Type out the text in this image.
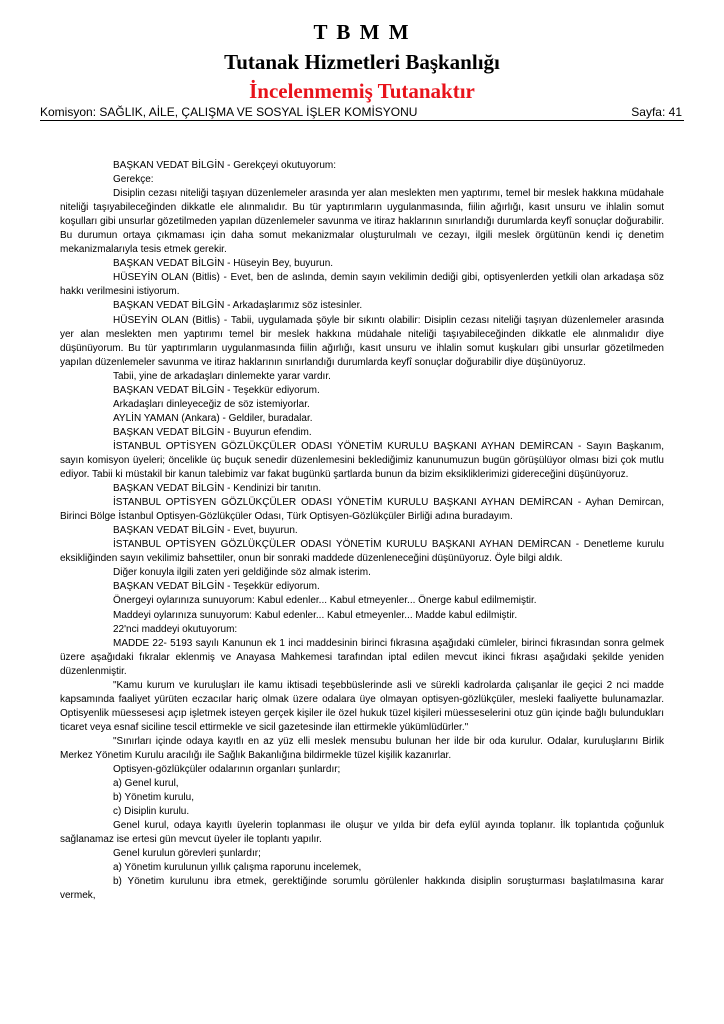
T B M M
Tutanak Hizmetleri Başkanlığı
İncelenmemiş Tutanaktır
Komisyon: SAĞLIK, AİLE, ÇALIŞMA VE SOSYAL İŞLER KOMİSYONU	Sayfa: 41

BAŞKAN VEDAT BİLGİN - Gerekçeyi okutuyorum:

Gerekçe:

Disiplin cezası niteliği taşıyan düzenlemeler arasında yer alan meslekten men yaptırımı, temel bir meslek hakkına müdahale niteliği taşıyabileceğinden dikkatle ele alınmalıdır. Bu tür yaptırımların uygulanmasında, fiilin ağırlığı, kasıt unsuru ve ihlalin somut koşulları gibi unsurlar gözetilmeden yapılan düzenlemeler savunma ve itiraz haklarının sınırlandığı durumlarda keyfî sonuçlar doğurabilir. Bu durumun ortaya çıkmaması için daha somut mekanizmalar oluşturulmalı ve cezayı, ilgili meslek örgütünün kendi iç denetim mekanizmalarıyla tesis etmek gerekir.

BAŞKAN VEDAT BİLGİN - Hüseyin Bey, buyurun.

HÜSEYİN OLAN (Bitlis) - Evet, ben de aslında, demin sayın vekilimin dediği gibi, optisyenlerden yetkili olan arkadaşa söz hakkı verilmesini istiyorum.

BAŞKAN VEDAT BİLGİN - Arkadaşlarımız söz istesinler.

HÜSEYİN OLAN (Bitlis) - Tabii, uygulamada şöyle bir sıkıntı olabilir: Disiplin cezası niteliği taşıyan düzenlemeler arasında yer alan meslekten men yaptırımı temel bir meslek hakkına müdahale niteliği taşıyabileceğinden dikkatle ele alınmalıdır diye düşünüyorum. Bu tür yaptırımların uygulanmasında fiilin ağırlığı, kasıt unsuru ve ihlalin somut kuşkuları gibi unsurlar gözetilmeden yapılan düzenlemeler savunma ve itiraz haklarının sınırlandığı durumlarda keyfî sonuçlar doğurabilir diye düşünüyoruz.

Tabii, yine de arkadaşları dinlemekte yarar vardır.

BAŞKAN VEDAT BİLGİN - Teşekkür ediyorum.

Arkadaşları dinleyeceğiz de söz istemiyorlar.

AYLİN YAMAN (Ankara) - Geldiler, buradalar.

BAŞKAN VEDAT BİLGİN - Buyurun efendim.

İSTANBUL OPTİSYEN GÖZLÜKÇÜLER ODASI YÖNETİM KURULU BAŞKANI AYHAN DEMİRCAN - Sayın Başkanım, sayın komisyon üyeleri; öncelikle üç buçuk senedir düzenlemesini beklediğimiz kanunumuzun bugün görüşülüyor olması bizi çok mutlu ediyor. Tabii ki müstakil bir kanun talebimiz var fakat bugünkü şartlarda bunun da bizim eksikliklerimizi gidereceğini düşünüyoruz.

BAŞKAN VEDAT BİLGİN - Kendinizi bir tanıtın.

İSTANBUL OPTİSYEN GÖZLÜKÇÜLER ODASI YÖNETİM KURULU BAŞKANI AYHAN DEMİRCAN - Ayhan Demircan, Birinci Bölge İstanbul Optisyen-Gözlükçüler Odası, Türk Optisyen-Gözlükçüler Birliği adına buradayım.

BAŞKAN VEDAT BİLGİN - Evet, buyurun.

İSTANBUL OPTİSYEN GÖZLÜKÇÜLER ODASI YÖNETİM KURULU BAŞKANI AYHAN DEMİRCAN - Denetleme kurulu eksikliğinden sayın vekilimiz bahsettiler, onun bir sonraki maddede düzenleneceğini düşünüyoruz. Öyle bilgi aldık.

Diğer konuyla ilgili zaten yeri geldiğinde söz almak isterim.

BAŞKAN VEDAT BİLGİN - Teşekkür ediyorum.

Önergeyi oylarınıza sunuyorum: Kabul edenler... Kabul etmeyenler... Önerge kabul edilmemiştir.

Maddeyi oylarınıza sunuyorum: Kabul edenler... Kabul etmeyenler... Madde kabul edilmiştir.

22'nci maddeyi okutuyorum:

MADDE 22- 5193 sayılı Kanunun ek 1 inci maddesinin birinci fıkrasına aşağıdaki cümleler, birinci fıkrasından sonra gelmek üzere aşağıdaki fıkralar eklenmiş ve Anayasa Mahkemesi tarafından iptal edilen mevcut ikinci fıkrası aşağıdaki şekilde yeniden düzenlenmiştir.

"Kamu kurum ve kuruluşları ile kamu iktisadi teşebbüslerinde asli ve sürekli kadrolarda çalışanlar ile geçici 2 nci madde kapsamında faaliyet yürüten eczacılar hariç olmak üzere odalara üye olmayan optisyen-gözlükçüler, mesleki faaliyette bulunamazlar. Optisyenlik müessesesi açıp işletmek isteyen gerçek kişiler ile özel hukuk tüzel kişileri müesseselerini otuz gün içinde bağlı bulundukları ticaret veya esnaf siciline tescil ettirmekle ve sicil gazetesinde ilan ettirmekle yükümlüdürler."

"Sınırları içinde odaya kayıtlı en az yüz elli meslek mensubu bulunan her ilde bir oda kurulur. Odalar, kuruluşlarını Birlik Merkez Yönetim Kurulu aracılığı ile Sağlık Bakanlığına bildirmekle tüzel kişilik kazanırlar.

Optisyen-gözlükçüler odalarının organları şunlardır;

a) Genel kurul,

b) Yönetim kurulu,

c) Disiplin kurulu.

Genel kurul, odaya kayıtlı üyelerin toplanması ile oluşur ve yılda bir defa eylül ayında toplanır. İlk toplantıda çoğunluk sağlanamaz ise ertesi gün mevcut üyeler ile toplantı yapılır.

Genel kurulun görevleri şunlardır;

a) Yönetim kurulunun yıllık çalışma raporunu incelemek,

b) Yönetim kurulunu ibra etmek, gerektiğinde sorumlu görülenler hakkında disiplin soruşturması başlatılmasına karar vermek,
